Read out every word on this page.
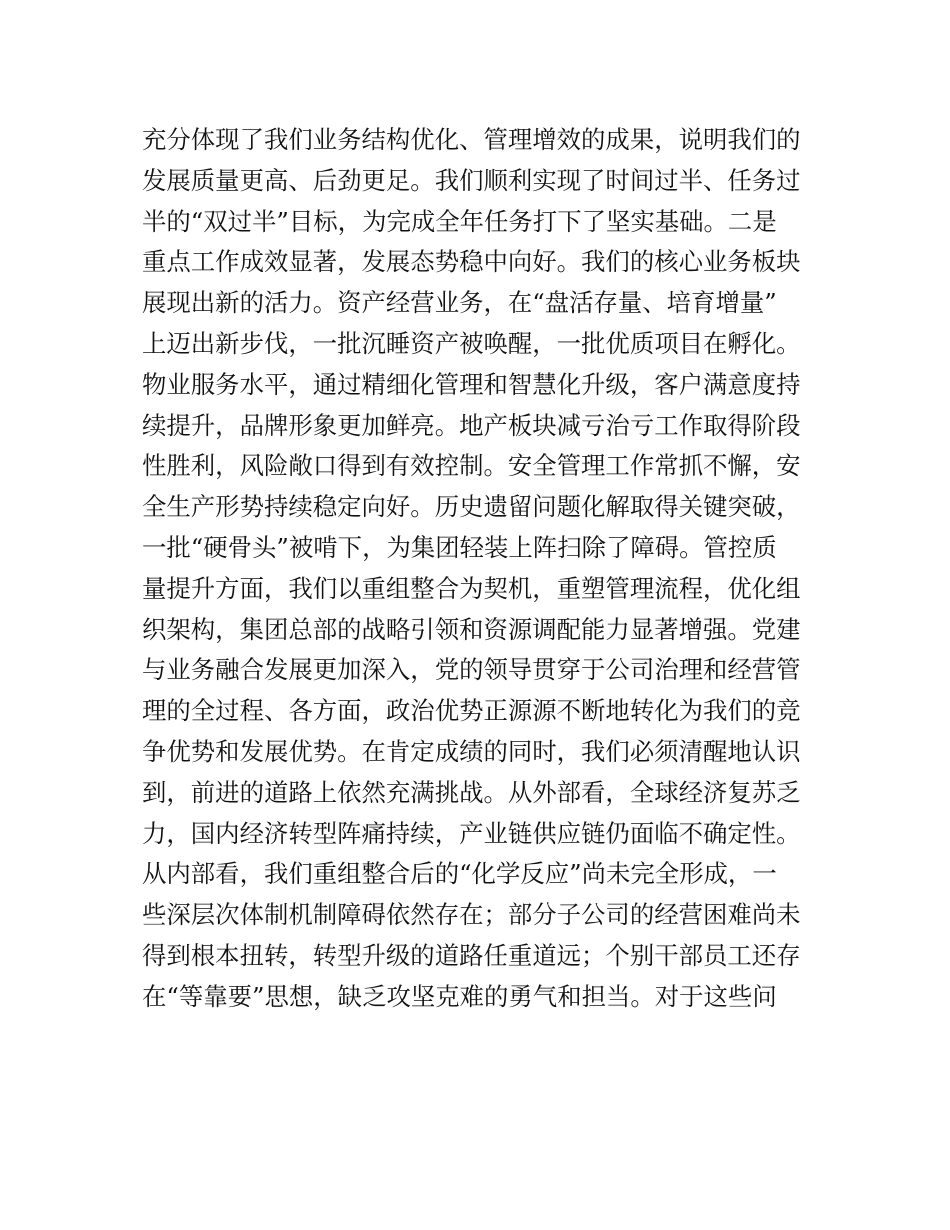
充分体现了我们业务结构优化、管理增效的成果，说明我们的
发展质量更高、后劲更足。我们顺利实现了时间过半、任务过
半的“双过半”目标，为完成全年任务打下了坚实基础。二是
重点工作成效显著，发展态势稳中向好。我们的核心业务板块
展现出新的活力。资产经营业务，在“盘活存量、培育增量”
上迈出新步伐，一批沉睡资产被唤醒，一批优质项目在孵化。
物业服务水平，通过精细化管理和智慧化升级，客户满意度持
续提升，品牌形象更加鲜亮。地产板块减亏治亏工作取得阶段
性胜利，风险敞口得到有效控制。安全管理工作常抓不懈，安
全生产形势持续稳定向好。历史遗留问题化解取得关键突破，
一批“硬骨头”被啃下，为集团轻装上阵扫除了障碍。管控质
量提升方面，我们以重组整合为契机，重塑管理流程，优化组
织架构，集团总部的战略引领和资源调配能力显著增强。党建
与业务融合发展更加深入，党的领导贯穿于公司治理和经营管
理的全过程、各方面，政治优势正源源不断地转化为我们的竞
争优势和发展优势。在肯定成绩的同时，我们必须清醒地认识
到，前进的道路上依然充满挑战。从外部看，全球经济复苏乏
力，国内经济转型阵痛持续，产业链供应链仍面临不确定性。
从内部看，我们重组整合后的“化学反应”尚未完全形成，一
些深层次体制机制障碍依然存在；部分子公司的经营困难尚未
得到根本扭转，转型升级的道路任重道远；个别干部员工还存
在“等靠要”思想，缺乏攻坚克难的勇气和担当。对于这些问
